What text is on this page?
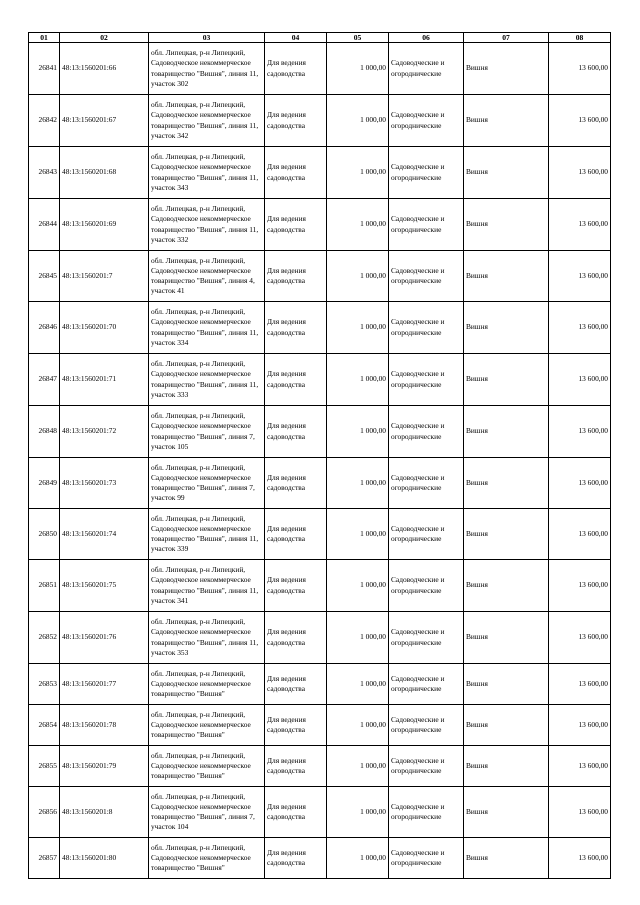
01	02	03	04	05	06	07	08
26841	48:13:1560201:66	обл. Липецкая, р-н Липецкий, Садоводческое некоммерческое товарищество "Вишня", линия 11, участок 302	Для ведения садоводства	1 000,00	Садоводческие и огороднические	Вишня	13 600,00
26842	48:13:1560201:67	обл. Липецкая, р-н Липецкий, Садоводческое некоммерческое товарищество "Вишня", линия 11, участок 342	Для ведения садоводства	1 000,00	Садоводческие и огороднические	Вишня	13 600,00
26843	48:13:1560201:68	обл. Липецкая, р-н Липецкий, Садоводческое некоммерческое товарищество "Вишня", линия 11, участок 343	Для ведения садоводства	1 000,00	Садоводческие и огороднические	Вишня	13 600,00
26844	48:13:1560201:69	обл. Липецкая, р-н Липецкий, Садоводческое некоммерческое товарищество "Вишня", линия 11, участок 332	Для ведения садоводства	1 000,00	Садоводческие и огороднические	Вишня	13 600,00
26845	48:13:1560201:7	обл. Липецкая, р-н Липецкий, Садоводческое некоммерческое товарищество "Вишня", линия 4, участок 41	Для ведения садоводства	1 000,00	Садоводческие и огороднические	Вишня	13 600,00
26846	48:13:1560201:70	обл. Липецкая, р-н Липецкий, Садоводческое некоммерческое товарищество "Вишня", линия 11, участок 334	Для ведения садоводства	1 000,00	Садоводческие и огороднические	Вишня	13 600,00
26847	48:13:1560201:71	обл. Липецкая, р-н Липецкий, Садоводческое некоммерческое товарищество "Вишня", линия 11, участок 333	Для ведения садоводства	1 000,00	Садоводческие и огороднические	Вишня	13 600,00
26848	48:13:1560201:72	обл. Липецкая, р-н Липецкий, Садоводческое некоммерческое товарищество "Вишня", линия 7, участок 105	Для ведения садоводства	1 000,00	Садоводческие и огороднические	Вишня	13 600,00
26849	48:13:1560201:73	обл. Липецкая, р-н Липецкий, Садоводческое некоммерческое товарищество "Вишня", линия 7, участок 99	Для ведения садоводства	1 000,00	Садоводческие и огороднические	Вишня	13 600,00
26850	48:13:1560201:74	обл. Липецкая, р-н Липецкий, Садоводческое некоммерческое товарищество "Вишня", линия 11, участок 339	Для ведения садоводства	1 000,00	Садоводческие и огороднические	Вишня	13 600,00
26851	48:13:1560201:75	обл. Липецкая, р-н Липецкий, Садоводческое некоммерческое товарищество "Вишня", линия 11, участок 341	Для ведения садоводства	1 000,00	Садоводческие и огороднические	Вишня	13 600,00
26852	48:13:1560201:76	обл. Липецкая, р-н Липецкий, Садоводческое некоммерческое товарищество "Вишня", линия 11, участок 353	Для ведения садоводства	1 000,00	Садоводческие и огороднические	Вишня	13 600,00
26853	48:13:1560201:77	обл. Липецкая, р-н Липецкий, Садоводческое некоммерческое товарищество "Вишня"	Для ведения садоводства	1 000,00	Садоводческие и огороднические	Вишня	13 600,00
26854	48:13:1560201:78	обл. Липецкая, р-н Липецкий, Садоводческое некоммерческое товарищество "Вишня"	Для ведения садоводства	1 000,00	Садоводческие и огороднические	Вишня	13 600,00
26855	48:13:1560201:79	обл. Липецкая, р-н Липецкий, Садоводческое некоммерческое товарищество "Вишня"	Для ведения садоводства	1 000,00	Садоводческие и огороднические	Вишня	13 600,00
26856	48:13:1560201:8	обл. Липецкая, р-н Липецкий, Садоводческое некоммерческое товарищество "Вишня", линия 7, участок 104	Для ведения садоводства	1 000,00	Садоводческие и огороднические	Вишня	13 600,00
26857	48:13:1560201:80	обл. Липецкая, р-н Липецкий, Садоводческое некоммерческое товарищество "Вишня"	Для ведения садоводства	1 000,00	Садоводческие и огороднические	Вишня	13 600,00
